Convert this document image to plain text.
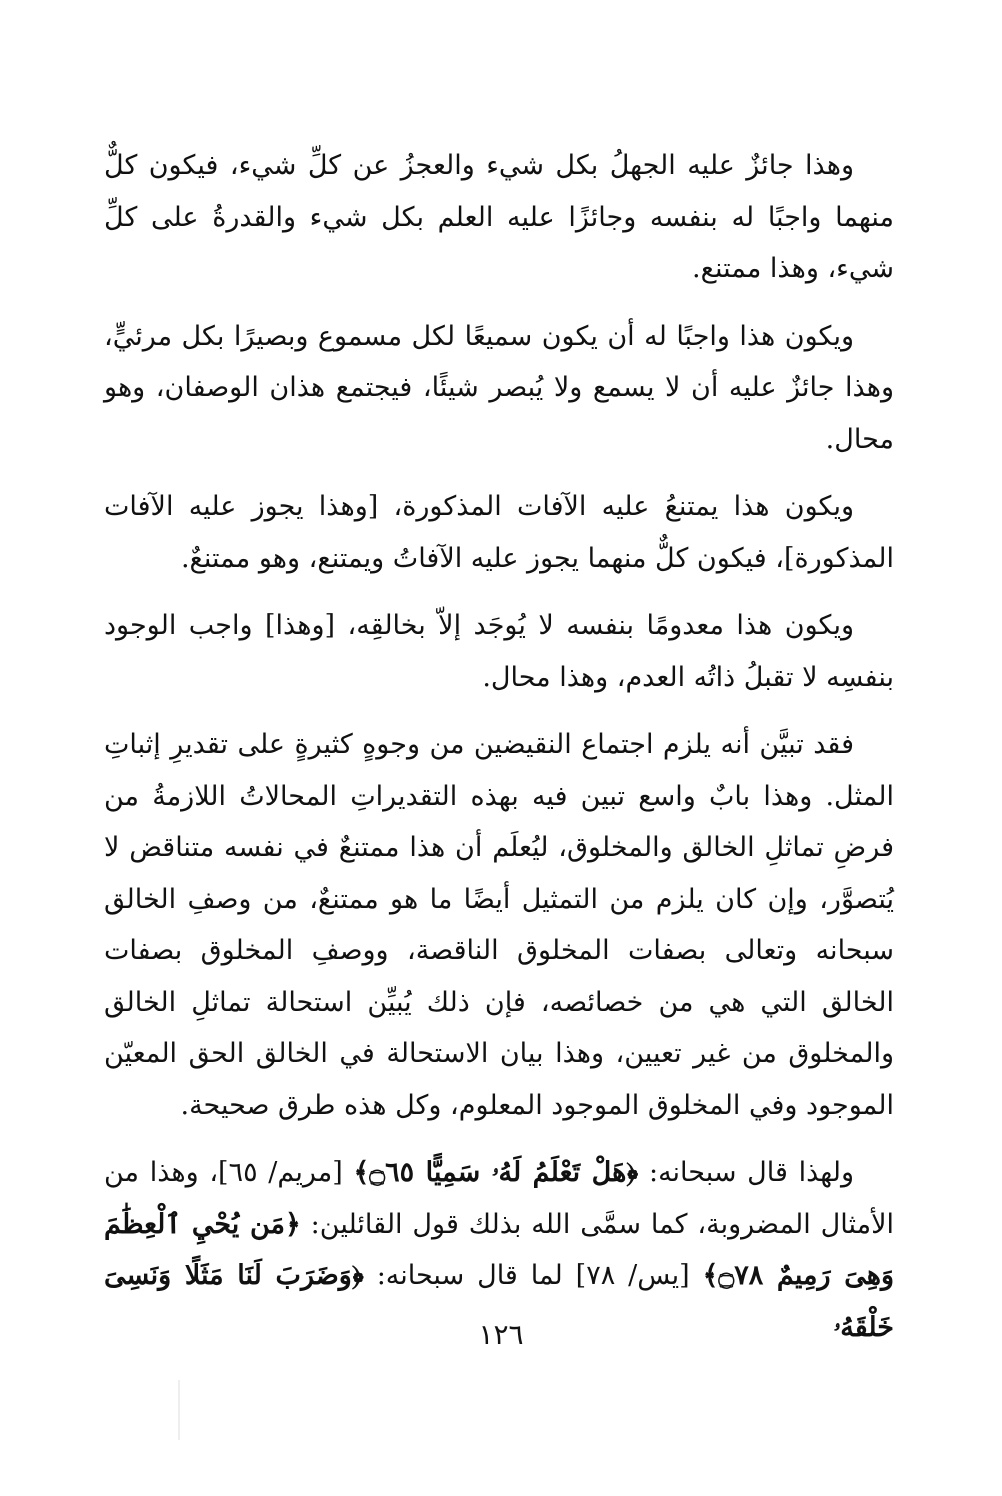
وهذا جائزٌ عليه الجهلُ بكل شيء والعجزُ عن كلِّ شيء، فيكون كلٌّ منهما واجبًا له بنفسه وجائزًا عليه العلم بكل شيء والقدرةُ على كلِّ شيء، وهذا ممتنع.

ويكون هذا واجبًا له أن يكون سميعًا لكل مسموع وبصيرًا بكل مرئيٍّ، وهذا جائزٌ عليه أن لا يسمع ولا يُبصر شيئًا، فيجتمع هذان الوصفان، وهو محال.

ويكون هذا يمتنعُ عليه الآفات المذكورة، [وهذا يجوز عليه الآفات المذكورة]، فيكون كلٌّ منهما يجوز عليه الآفاتُ ويمتنع، وهو ممتنعٌ.

ويكون هذا معدومًا بنفسه لا يُوجَد إلاّ بخالقِه، [وهذا] واجب الوجود بنفسِه لا تقبلُ ذاتُه العدم، وهذا محال.

فقد تبيَّن أنه يلزم اجتماع النقيضين من وجوهٍ كثيرةٍ على تقديرِ إثباتِ المثل. وهذا بابٌ واسع تبين فيه بهذه التقديراتِ المحالاتُ اللازمةُ من فرضِ تماثلِ الخالق والمخلوق، ليُعلَم أن هذا ممتنعٌ في نفسه متناقض لا يُتصوَّر، وإن كان يلزم من التمثيل أيضًا ما هو ممتنعٌ، من وصفِ الخالق سبحانه وتعالى بصفات المخلوق الناقصة، ووصفِ المخلوق بصفات الخالق التي هي من خصائصه، فإن ذلك يُبيِّن استحالة تماثلِ الخالق والمخلوق من غير تعيين، وهذا بيان الاستحالة في الخالق الحق المعيّن الموجود وفي المخلوق الموجود المعلوم، وكل هذه طرق صحيحة.

ولهذا قال سبحانه: ﴿هَلْ تَعْلَمُ لَهُۥ سَمِيًّا ۝٦٥﴾ [مريم/ ٦٥]، وهذا من الأمثال المضروبة، كما سمَّى الله بذلك قول القائلين: ﴿مَن يُحْيِ ٱلْعِظَٰمَ وَهِىَ رَمِيمٌ ۝٧٨﴾ [يس/ ٧٨] لما قال سبحانه: ﴿وَضَرَبَ لَنَا مَثَلًا وَنَسِىَ خَلْقَهُۥ

١٢٦
